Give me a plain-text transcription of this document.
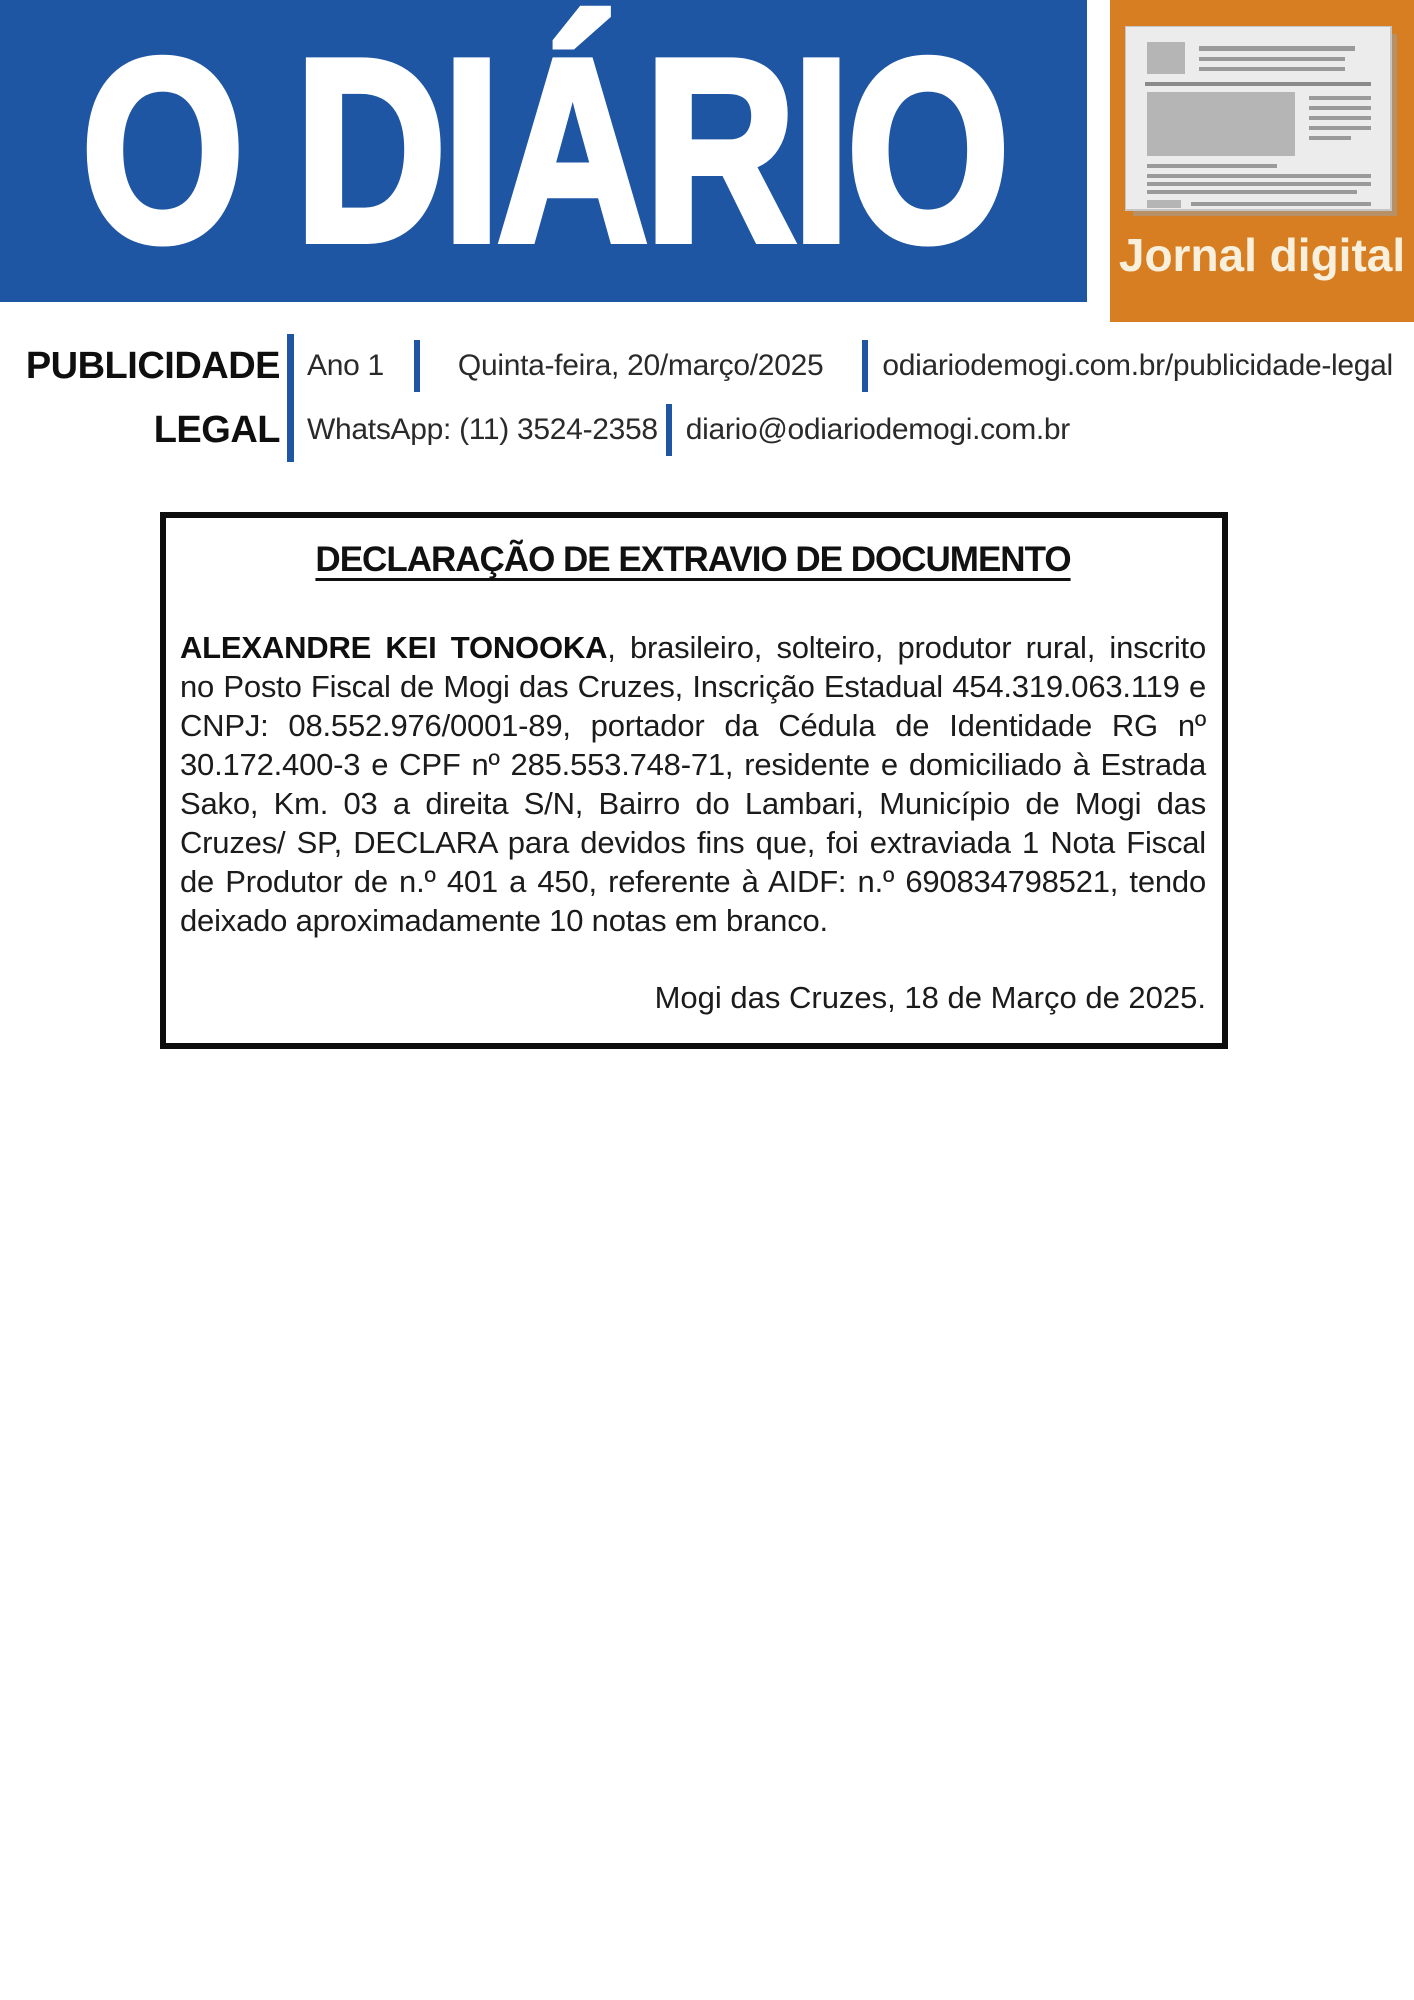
O DIÁRIO Jornal digital
PUBLICIDADE
LEGAL
Ano 1 Quinta-feira, 20/março/2025 odiariodemogi.com.br/publicidade-legal
WhatsApp: (11) 3524-2358 diario@odiariodemogi.com.br
DECLARAÇÃO DE EXTRAVIO DE DOCUMENTO

ALEXANDRE KEI TONOOKA, brasileiro, solteiro, produtor rural, inscrito no Posto Fiscal de Mogi das Cruzes, Inscrição Estadual 454.319.063.119 e CNPJ: 08.552.976/0001-89, portador da Cédula de Identidade RG nº 30.172.400-3 e CPF nº 285.553.748-71, residente e domiciliado à Estrada Sako, Km. 03 a direita S/N, Bairro do Lambari, Município de Mogi das Cruzes/ SP, DECLARA para devidos fins que, foi extraviada 1 Nota Fiscal de Produtor de n.º 401 a 450, referente à AIDF: n.º 690834798521, tendo deixado aproximadamente 10 notas em branco.

Mogi das Cruzes, 18 de Março de 2025.
